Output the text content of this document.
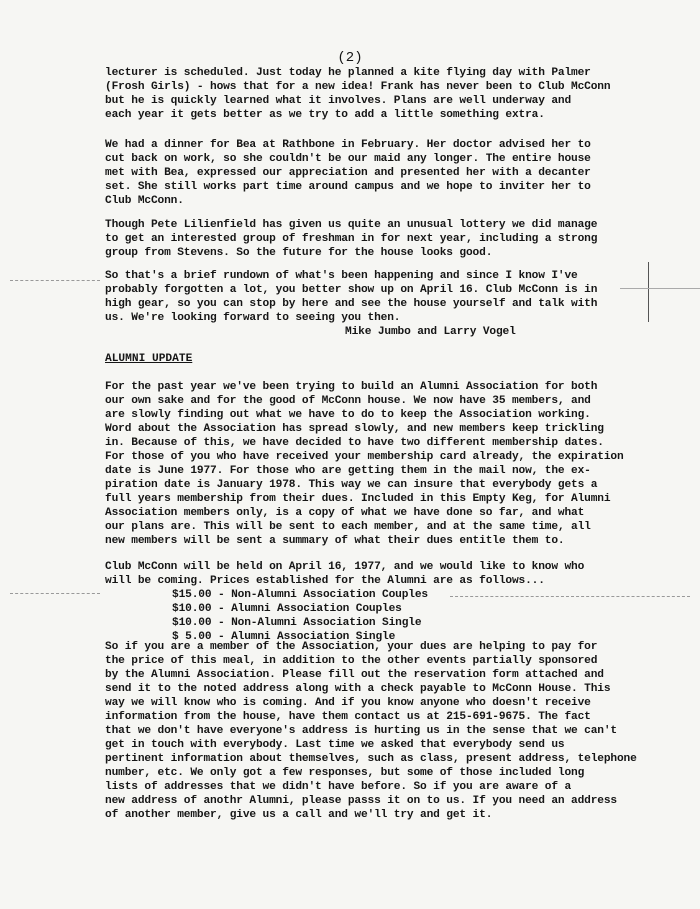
(2)
lecturer is scheduled. Just today he planned a kite flying day with Palmer
(Frosh Girls) - hows that for a new idea! Frank has never been to Club McConn
but he is quickly learned what it involves. Plans are well underway and
each year it gets better as we try to add a little something extra.
We had a dinner for Bea at Rathbone in February. Her doctor advised her to
cut back on work, so she couldn't be our maid any longer. The entire house
met with Bea, expressed our appreciation and presented her with a decanter
set. She still works part time around campus and we hope to inviter her to
Club McConn.
Though Pete Lilienfield has given us quite an unusual lottery we did manage
to get an interested group of freshman in for next year, including a strong
group from Stevens. So the future for the house looks good.
So that's a brief rundown of what's been happening and since I know I've
probably forgotten a lot, you better show up on April 16. Club McConn is in
high gear, so you can stop by here and see the house yourself and talk with
us. We're looking forward to seeing you then.
Mike Jumbo and Larry Vogel
ALUMNI UPDATE
For the past year we've been trying to build an Alumni Association for both
our own sake and for the good of McConn house. We now have 35 members, and
are slowly finding out what we have to do to keep the Association working.
Word about the Association has spread slowly, and new members keep trickling
in. Because of this, we have decided to have two different membership dates.
For those of you who have received your membership card already, the expiration
date is June 1977. For those who are getting them in the mail now, the ex-
piration date is January 1978. This way we can insure that everybody gets a
full years membership from their dues. Included in this Empty Keg, for Alumni
Association members only, is a copy of what we have done so far, and what
our plans are. This will be sent to each member, and at the same time, all
new members will be sent a summary of what their dues entitle them to.
Club McConn will be held on April 16, 1977, and we would like to know who
will be coming. Prices established for the Alumni are as follows...
$15.00 - Non-Alumni Association Couples
$10.00 - Alumni Association Couples
$10.00 - Non-Alumni Association Single
$ 5.00 - Alumni Association Single
So if you are a member of the Association, your dues are helping to pay for
the price of this meal, in addition to the other events partially sponsored
by the Alumni Association. Please fill out the reservation form attached and
send it to the noted address along with a check payable to McConn House. This
way we will know who is coming. And if you know anyone who doesn't receive
information from the house, have them contact us at 215-691-9675. The fact
that we don't have everyone's address is hurting us in the sense that we can't
get in touch with everybody. Last time we asked that everybody send us
pertinent information about themselves, such as class, present address, telephone
number, etc. We only got a few responses, but some of those included long
lists of addresses that we didn't have before. So if you are aware of a
new address of anothr Alumni, please passs it on to us. If you need an address
of another member, give us a call and we'll try and get it.
